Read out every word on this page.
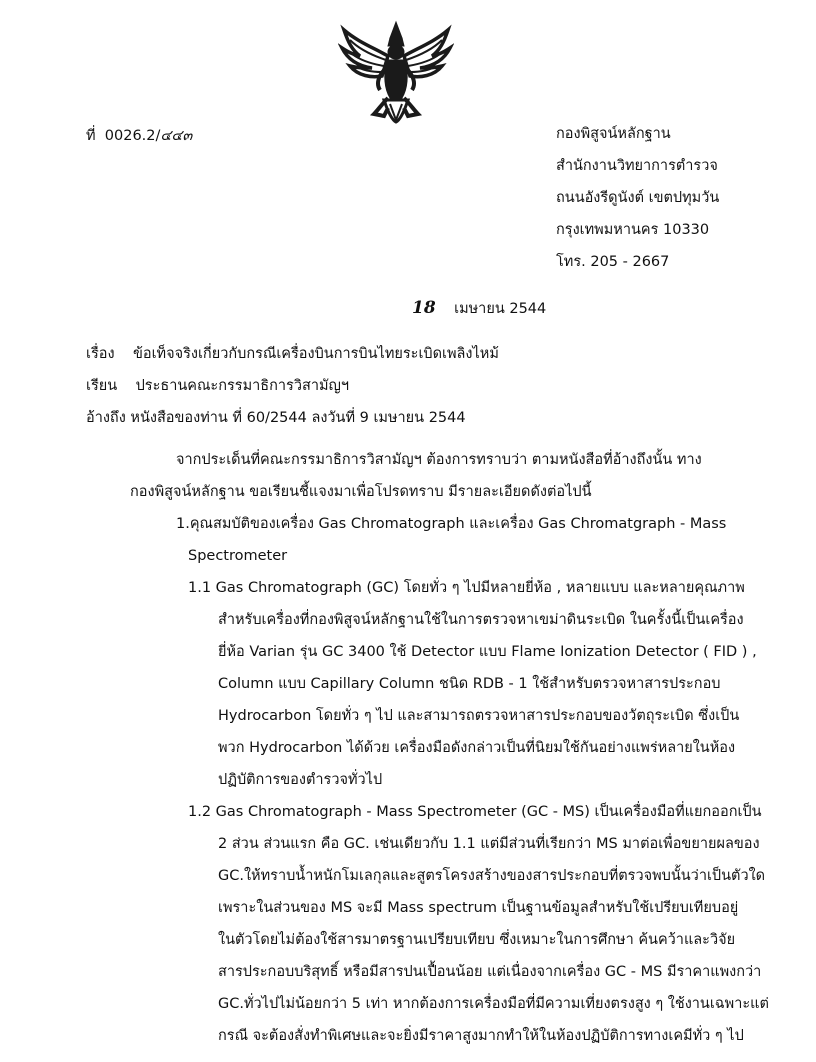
ที่ 0026.2/๔๔๓	กองพิสูจน์หลักฐาน
สำนักงานวิทยาการตำรวจ
ถนนอังรีดูนังต์ เขตปทุมวัน
กรุงเทพมหานคร 10330
โทร. 205 - 2667
18 เมษายน 2544
เรื่อง ข้อเท็จจริงเกี่ยวกับกรณีเครื่องบินการบินไทยระเบิดเพลิงไหม้
เรียน ประธานคณะกรรมาธิการวิสามัญฯ
อ้างถึง หนังสือของท่าน ที่ 60/2544 ลงวันที่ 9 เมษายน 2544
จากประเด็นที่คณะกรรมาธิการวิสามัญฯ ต้องการทราบว่า ตามหนังสือที่อ้างถึงนั้น ทาง
กองพิสูจน์หลักฐาน ขอเรียนชี้แจงมาเพื่อโปรดทราบ มีรายละเอียดดังต่อไปนี้
1.คุณสมบัติของเครื่อง Gas Chromatograph และเครื่อง Gas Chromatgraph - Mass
Spectrometer
1.1 Gas Chromatograph (GC) โดยทั่ว ๆ ไปมีหลายยี่ห้อ , หลายแบบ และหลายคุณภาพ
สำหรับเครื่องที่กองพิสูจน์หลักฐานใช้ในการตรวจหาเขม่าดินระเบิด ในครั้งนี้เป็นเครื่อง
ยี่ห้อ Varian รุ่น GC 3400 ใช้ Detector แบบ Flame Ionization Detector ( FID ) ,
Column แบบ Capillary Column ชนิด RDB - 1 ใช้สำหรับตรวจหาสารประกอบ
Hydrocarbon โดยทั่ว ๆ ไป และสามารถตรวจหาสารประกอบของวัตถุระเบิด ซึ่งเป็น
พวก Hydrocarbon ได้ด้วย เครื่องมือดังกล่าวเป็นที่นิยมใช้กันอย่างแพร่หลายในห้อง
ปฏิบัติการของตำรวจทั่วไป
1.2 Gas Chromatograph - Mass Spectrometer (GC - MS) เป็นเครื่องมือที่แยกออกเป็น
2 ส่วน ส่วนแรก คือ GC. เช่นเดียวกับ 1.1 แต่มีส่วนที่เรียกว่า MS มาต่อเพื่อขยายผลของ
GC.ให้ทราบน้ำหนักโมเลกุลและสูตรโครงสร้างของสารประกอบที่ตรวจพบนั้นว่าเป็นตัวใด
เพราะในส่วนของ MS จะมี Mass spectrum เป็นฐานข้อมูลสำหรับใช้เปรียบเทียบอยู่
ในตัวโดยไม่ต้องใช้สารมาตรฐานเปรียบเทียบ ซึ่งเหมาะในการศึกษา ค้นคว้าและวิจัย
สารประกอบบริสุทธิ์ หรือมีสารปนเปื้อนน้อย แต่เนื่องจากเครื่อง GC - MS มีราคาแพงกว่า
GC.ทั่วไปไม่น้อยกว่า 5 เท่า หากต้องการเครื่องมือที่มีความเที่ยงตรงสูง ๆ ใช้งานเฉพาะแต่
กรณี จะต้องสั่งทำพิเศษและจะยิ่งมีราคาสูงมากทำให้ในห้องปฏิบัติการทางเคมีทั่ว ๆ ไป
